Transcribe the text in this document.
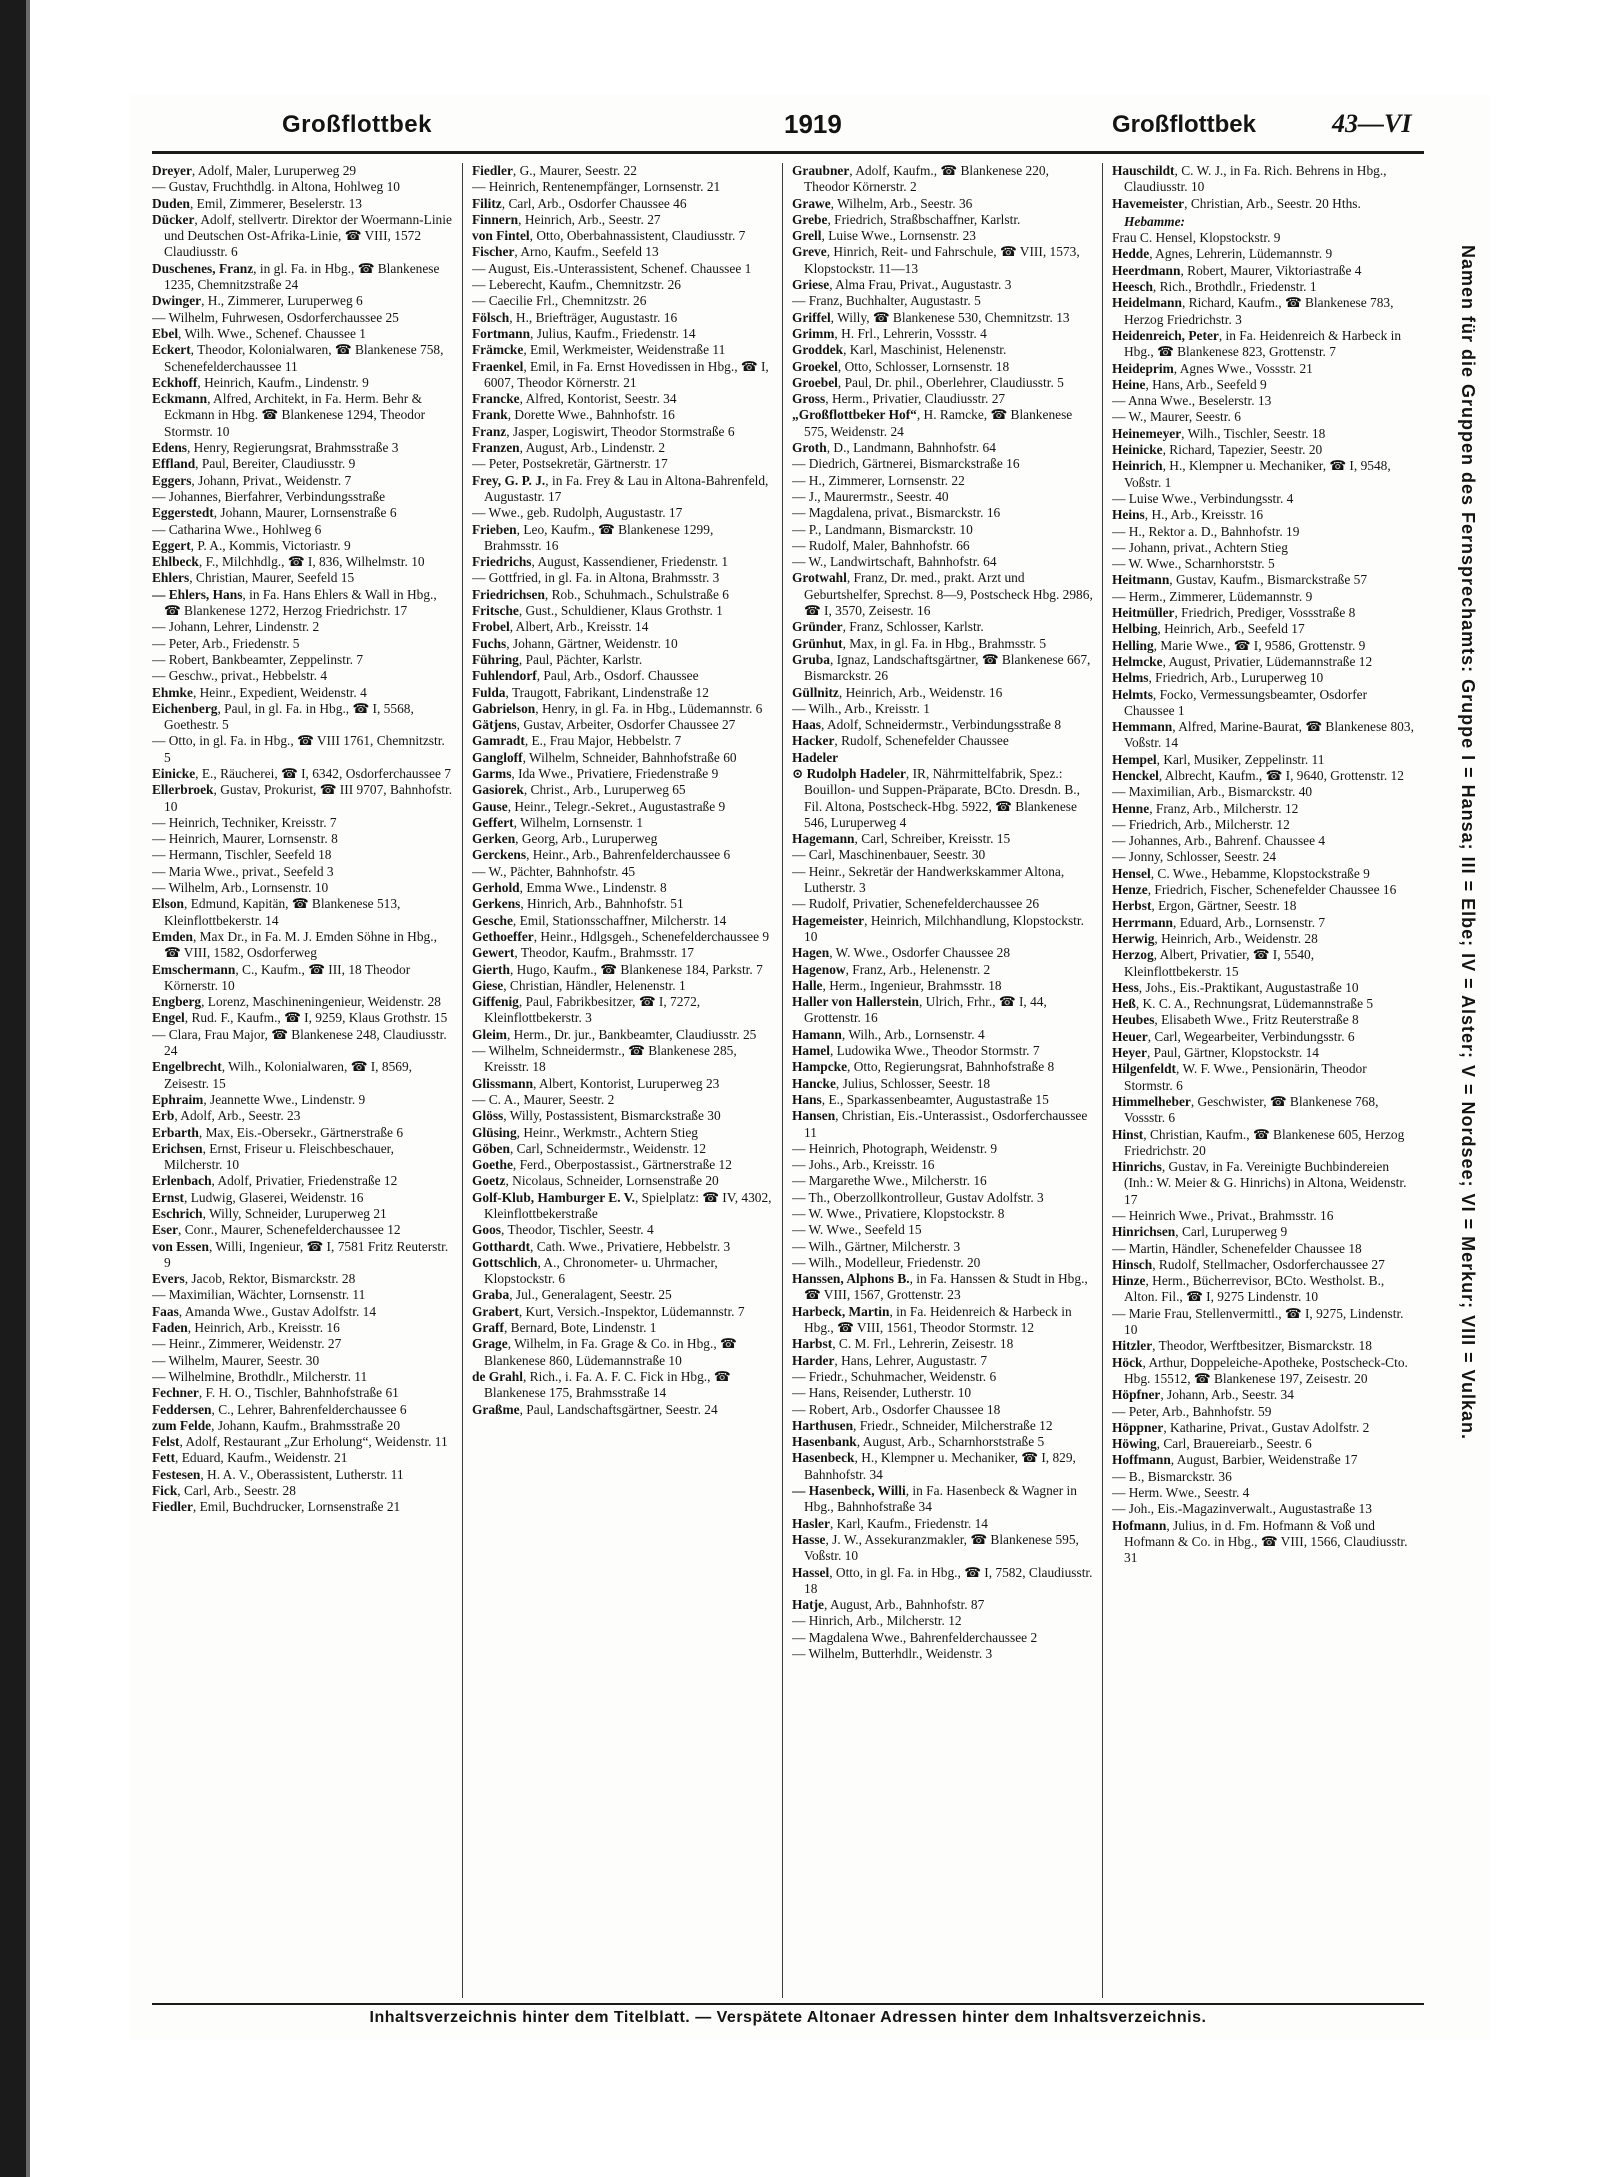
Großflottbek	1919	Großflottbek	43—VI

Dreyer, Adolf, Maler, Luruperweg 29

— Gustav, Fruchthdlg. in Altona, Hohlweg 10

Duden, Emil, Zimmerer, Beselerstr. 13

Dücker, Adolf, stellvertr. Direktor der Woermann-Linie und Deutschen Ost-Afrika-Linie, ☎ VIII, 1572 Claudiusstr. 6

Duschenes, Franz, in gl. Fa. in Hbg., ☎ Blankenese 1235, Chemnitzstraße 24

Dwinger, H., Zimmerer, Luruperweg 6

— Wilhelm, Fuhrwesen, Osdorferchaussee 25

Ebel, Wilh. Wwe., Schenef. Chaussee 1

Eckert, Theodor, Kolonialwaren, ☎ Blankenese 758, Schenefelderchaussee 11

Eckhoff, Heinrich, Kaufm., Lindenstr. 9

Eckmann, Alfred, Architekt, in Fa. Herm. Behr & Eckmann in Hbg. ☎ Blankenese 1294, Theodor Stormstr. 10

Edens, Henry, Regierungsrat, Brahmsstraße 3

Effland, Paul, Bereiter, Claudiusstr. 9

Eggers, Johann, Privat., Weidenstr. 7

— Johannes, Bierfahrer, Verbindungsstraße

Eggerstedt, Johann, Maurer, Lornsenstraße 6

— Catharina Wwe., Hohlweg 6

Eggert, P. A., Kommis, Victoriastr. 9

Ehlbeck, F., Milchhdlg., ☎ I, 836, Wilhelmstr. 10

Ehlers, Christian, Maurer, Seefeld 15

— Ehlers, Hans, in Fa. Hans Ehlers & Wall in Hbg., ☎ Blankenese 1272, Herzog Friedrichstr. 17

— Johann, Lehrer, Lindenstr. 2

— Peter, Arb., Friedenstr. 5

— Robert, Bankbeamter, Zeppelinstr. 7

— Geschw., privat., Hebbelstr. 4

Ehmke, Heinr., Expedient, Weidenstr. 4

Eichenberg, Paul, in gl. Fa. in Hbg., ☎ I, 5568, Goethestr. 5

— Otto, in gl. Fa. in Hbg., ☎ VIII 1761, Chemnitzstr. 5

Einicke, E., Räucherei, ☎ I, 6342, Osdorferchaussee 7

Ellerbroek, Gustav, Prokurist, ☎ III 9707, Bahnhofstr. 10

— Heinrich, Techniker, Kreisstr. 7

— Heinrich, Maurer, Lornsenstr. 8

— Hermann, Tischler, Seefeld 18

— Maria Wwe., privat., Seefeld 3

— Wilhelm, Arb., Lornsenstr. 10

Elson, Edmund, Kapitän, ☎ Blankenese 513, Kleinflottbekerstr. 14

Emden, Max Dr., in Fa. M. J. Emden Söhne in Hbg., ☎ VIII, 1582, Osdorferweg

Emschermann, C., Kaufm., ☎ III, 18 Theodor Körnerstr. 10

Engberg, Lorenz, Maschineningenieur, Weidenstr. 28

Engel, Rud. F., Kaufm., ☎ I, 9259, Klaus Grothstr. 15

— Clara, Frau Major, ☎ Blankenese 248, Claudiusstr. 24

Engelbrecht, Wilh., Kolonialwaren, ☎ I, 8569, Zeisestr. 15

Ephraim, Jeannette Wwe., Lindenstr. 9

Erb, Adolf, Arb., Seestr. 23

Erbarth, Max, Eis.-Obersekr., Gärtnerstraße 6

Erichsen, Ernst, Friseur u. Fleischbeschauer, Milcherstr. 10

Erlenbach, Adolf, Privatier, Friedenstraße 12

Ernst, Ludwig, Glaserei, Weidenstr. 16

Eschrich, Willy, Schneider, Luruperweg 21

Eser, Conr., Maurer, Schenefelderchaussee 12

von Essen, Willi, Ingenieur, ☎ I, 7581 Fritz Reuterstr. 9

Evers, Jacob, Rektor, Bismarckstr. 28

— Maximilian, Wächter, Lornsenstr. 11

Faas, Amanda Wwe., Gustav Adolfstr. 14

Faden, Heinrich, Arb., Kreisstr. 16

— Heinr., Zimmerer, Weidenstr. 27

— Wilhelm, Maurer, Seestr. 30

— Wilhelmine, Brothdlr., Milcherstr. 11

Fechner, F. H. O., Tischler, Bahnhofstraße 61

Feddersen, C., Lehrer, Bahrenfelderchaussee 6

zum Felde, Johann, Kaufm., Brahmsstraße 20

Felst, Adolf, Restaurant „Zur Erholung“, Weidenstr. 11

Fett, Eduard, Kaufm., Weidenstr. 21

Festesen, H. A. V., Oberassistent, Lutherstr. 11

Fick, Carl, Arb., Seestr. 28

Fiedler, Emil, Buchdrucker, Lornsenstraße 21

Fiedler, G., Maurer, Seestr. 22

— Heinrich, Rentenempfänger, Lornsenstr. 21

Filitz, Carl, Arb., Osdorfer Chaussee 46

Finnern, Heinrich, Arb., Seestr. 27

von Fintel, Otto, Oberbahnassistent, Claudiusstr. 7

Fischer, Arno, Kaufm., Seefeld 13

— August, Eis.-Unterassistent, Schenef. Chaussee 1

— Leberecht, Kaufm., Chemnitzstr. 26

— Caecilie Frl., Chemnitzstr. 26

Fölsch, H., Briefträger, Augustastr. 16

Fortmann, Julius, Kaufm., Friedenstr. 14

Främcke, Emil, Werkmeister, Weidenstraße 11

Fraenkel, Emil, in Fa. Ernst Hovedissen in Hbg., ☎ I, 6007, Theodor Körnerstr. 21

Francke, Alfred, Kontorist, Seestr. 34

Frank, Dorette Wwe., Bahnhofstr. 16

Franz, Jasper, Logiswirt, Theodor Stormstraße 6

Franzen, August, Arb., Lindenstr. 2

— Peter, Postsekretär, Gärtnerstr. 17

Frey, G. P. J., in Fa. Frey & Lau in Altona-Bahrenfeld, Augustastr. 17

— Wwe., geb. Rudolph, Augustastr. 17

Frieben, Leo, Kaufm., ☎ Blankenese 1299, Brahmsstr. 16

Friedrichs, August, Kassendiener, Friedenstr. 1

— Gottfried, in gl. Fa. in Altona, Brahmsstr. 3

Friedrichsen, Rob., Schuhmach., Schulstraße 6

Fritsche, Gust., Schuldiener, Klaus Grothstr. 1

Frobel, Albert, Arb., Kreisstr. 14

Fuchs, Johann, Gärtner, Weidenstr. 10

Führing, Paul, Pächter, Karlstr.

Fuhlendorf, Paul, Arb., Osdorf. Chaussee

Fulda, Traugott, Fabrikant, Lindenstraße 12

Gabrielson, Henry, in gl. Fa. in Hbg., Lüdemannstr. 6

Gätjens, Gustav, Arbeiter, Osdorfer Chaussee 27

Gamradt, E., Frau Major, Hebbelstr. 7

Gangloff, Wilhelm, Schneider, Bahnhofstraße 60

Garms, Ida Wwe., Privatiere, Friedenstraße 9

Gasiorek, Christ., Arb., Luruperweg 65

Gause, Heinr., Telegr.-Sekret., Augustastraße 9

Geffert, Wilhelm, Lornsenstr. 1

Gerken, Georg, Arb., Luruperweg

Gerckens, Heinr., Arb., Bahrenfelderchaussee 6

— W., Pächter, Bahnhofstr. 45

Gerhold, Emma Wwe., Lindenstr. 8

Gerkens, Hinrich, Arb., Bahnhofstr. 51

Gesche, Emil, Stationsschaffner, Milcherstr. 14

Gethoeffer, Heinr., Hdlgsgeh., Schenefelderchaussee 9

Gewert, Theodor, Kaufm., Brahmsstr. 17

Gierth, Hugo, Kaufm., ☎ Blankenese 184, Parkstr. 7

Giese, Christian, Händler, Helenenstr. 1

Giffenig, Paul, Fabrikbesitzer, ☎ I, 7272, Kleinflottbekerstr. 3

Gleim, Herm., Dr. jur., Bankbeamter, Claudiusstr. 25

— Wilhelm, Schneidermstr., ☎ Blankenese 285, Kreisstr. 18

Glissmann, Albert, Kontorist, Luruperweg 23

— C. A., Maurer, Seestr. 2

Glöss, Willy, Postassistent, Bismarckstraße 30

Glüsing, Heinr., Werkmstr., Achtern Stieg

Göben, Carl, Schneidermstr., Weidenstr. 12

Goethe, Ferd., Oberpostassist., Gärtnerstraße 12

Goetz, Nicolaus, Schneider, Lornsenstraße 20

Golf-Klub, Hamburger E. V., Spielplatz: ☎ IV, 4302, Kleinflottbekerstraße

Goos, Theodor, Tischler, Seestr. 4

Gotthardt, Cath. Wwe., Privatiere, Hebbelstr. 3

Gottschlich, A., Chronometer- u. Uhrmacher, Klopstockstr. 6

Graba, Jul., Generalagent, Seestr. 25

Grabert, Kurt, Versich.-Inspektor, Lüdemannstr. 7

Graff, Bernard, Bote, Lindenstr. 1

Grage, Wilhelm, in Fa. Grage & Co. in Hbg., ☎ Blankenese 860, Lüdemannstraße 10

de Grahl, Rich., i. Fa. A. F. C. Fick in Hbg., ☎ Blankenese 175, Brahmsstraße 14

Graßme, Paul, Landschaftsgärtner, Seestr. 24

Graubner, Adolf, Kaufm., ☎ Blankenese 220, Theodor Körnerstr. 2

Grawe, Wilhelm, Arb., Seestr. 36

Grebe, Friedrich, Straßbschaffner, Karlstr.

Grell, Luise Wwe., Lornsenstr. 23

Greve, Hinrich, Reit- und Fahrschule, ☎ VIII, 1573, Klopstockstr. 11—13

Griese, Alma Frau, Privat., Augustastr. 3

— Franz, Buchhalter, Augustastr. 5

Griffel, Willy, ☎ Blankenese 530, Chemnitzstr. 13

Grimm, H. Frl., Lehrerin, Vossstr. 4

Groddek, Karl, Maschinist, Helenenstr.

Groekel, Otto, Schlosser, Lornsenstr. 18

Groebel, Paul, Dr. phil., Oberlehrer, Claudiusstr. 5

Gross, Herm., Privatier, Claudiusstr. 27

„Großflottbeker Hof“, H. Ramcke, ☎ Blankenese 575, Weidenstr. 24

Groth, D., Landmann, Bahnhofstr. 64

— Diedrich, Gärtnerei, Bismarckstraße 16

— H., Zimmerer, Lornsenstr. 22

— J., Maurermstr., Seestr. 40

— Magdalena, privat., Bismarckstr. 16

— P., Landmann, Bismarckstr. 10

— Rudolf, Maler, Bahnhofstr. 66

— W., Landwirtschaft, Bahnhofstr. 64

Grotwahl, Franz, Dr. med., prakt. Arzt und Geburtshelfer, Sprechst. 8—9, Postscheck Hbg. 2986, ☎ I, 3570, Zeisestr. 16

Gründer, Franz, Schlosser, Karlstr.

Grünhut, Max, in gl. Fa. in Hbg., Brahmsstr. 5

Gruba, Ignaz, Landschaftsgärtner, ☎ Blankenese 667, Bismarckstr. 26

Güllnitz, Heinrich, Arb., Weidenstr. 16

— Wilh., Arb., Kreisstr. 1

Haas, Adolf, Schneidermstr., Verbindungsstraße 8

Hacker, Rudolf, Schenefelder Chaussee

Hadeler

⊙ Rudolph Hadeler, IR, Nährmittelfabrik, Spez.: Bouillon- und Suppen-Präparate, BCto. Dresdn. B., Fil. Altona, Postscheck-Hbg. 5922, ☎ Blankenese 546, Luruperweg 4

Hagemann, Carl, Schreiber, Kreisstr. 15

— Carl, Maschinenbauer, Seestr. 30

— Heinr., Sekretär der Handwerkskammer Altona, Lutherstr. 3

— Rudolf, Privatier, Schenefelderchaussee 26

Hagemeister, Heinrich, Milchhandlung, Klopstockstr. 10

Hagen, W. Wwe., Osdorfer Chaussee 28

Hagenow, Franz, Arb., Helenenstr. 2

Halle, Herm., Ingenieur, Brahmsstr. 18

Haller von Hallerstein, Ulrich, Frhr., ☎ I, 44, Grottenstr. 16

Hamann, Wilh., Arb., Lornsenstr. 4

Hamel, Ludowika Wwe., Theodor Stormstr. 7

Hampcke, Otto, Regierungsrat, Bahnhofstraße 8

Hancke, Julius, Schlosser, Seestr. 18

Hans, E., Sparkassenbeamter, Augustastraße 15

Hansen, Christian, Eis.-Unterassist., Osdorferchaussee 11

— Heinrich, Photograph, Weidenstr. 9

— Johs., Arb., Kreisstr. 16

— Margarethe Wwe., Milcherstr. 16

— Th., Oberzollkontrolleur, Gustav Adolfstr. 3

— W. Wwe., Privatiere, Klopstockstr. 8

— W. Wwe., Seefeld 15

— Wilh., Gärtner, Milcherstr. 3

— Wilh., Modelleur, Friedenstr. 20

Hanssen, Alphons B., in Fa. Hanssen & Studt in Hbg., ☎ VIII, 1567, Grottenstr. 23

Harbeck, Martin, in Fa. Heidenreich & Harbeck in Hbg., ☎ VIII, 1561, Theodor Stormstr. 12

Harbst, C. M. Frl., Lehrerin, Zeisestr. 18

Harder, Hans, Lehrer, Augustastr. 7

— Friedr., Schuhmacher, Weidenstr. 6

— Hans, Reisender, Lutherstr. 10

— Robert, Arb., Osdorfer Chaussee 18

Harthusen, Friedr., Schneider, Milcherstraße 12

Hasenbank, August, Arb., Scharnhorststraße 5

Hasenbeck, H., Klempner u. Mechaniker, ☎ I, 829, Bahnhofstr. 34

— Hasenbeck, Willi, in Fa. Hasenbeck & Wagner in Hbg., Bahnhofstraße 34

Hasler, Karl, Kaufm., Friedenstr. 14

Hasse, J. W., Assekuranzmakler, ☎ Blankenese 595, Voßstr. 10

Hassel, Otto, in gl. Fa. in Hbg., ☎ I, 7582, Claudiusstr. 18

Hatje, August, Arb., Bahnhofstr. 87

— Hinrich, Arb., Milcherstr. 12

— Magdalena Wwe., Bahrenfelderchaussee 2

— Wilhelm, Butterhdlr., Weidenstr. 3

Hauschildt, C. W. J., in Fa. Rich. Behrens in Hbg., Claudiusstr. 10

Havemeister, Christian, Arb., Seestr. 20 Hths.

Hebamme:

Frau C. Hensel, Klopstockstr. 9

Hedde, Agnes, Lehrerin, Lüdemannstr. 9

Heerdmann, Robert, Maurer, Viktoriastraße 4

Heesch, Rich., Brothdlr., Friedenstr. 1

Heidelmann, Richard, Kaufm., ☎ Blankenese 783, Herzog Friedrichstr. 3

Heidenreich, Peter, in Fa. Heidenreich & Harbeck in Hbg., ☎ Blankenese 823, Grottenstr. 7

Heideprim, Agnes Wwe., Vossstr. 21

Heine, Hans, Arb., Seefeld 9

— Anna Wwe., Beselerstr. 13

— W., Maurer, Seestr. 6

Heinemeyer, Wilh., Tischler, Seestr. 18

Heinicke, Richard, Tapezier, Seestr. 20

Heinrich, H., Klempner u. Mechaniker, ☎ I, 9548, Voßstr. 1

— Luise Wwe., Verbindungsstr. 4

Heins, H., Arb., Kreisstr. 16

— H., Rektor a. D., Bahnhofstr. 19

— Johann, privat., Achtern Stieg

— W. Wwe., Scharnhorststr. 5

Heitmann, Gustav, Kaufm., Bismarckstraße 57

— Herm., Zimmerer, Lüdemannstr. 9

Heitmüller, Friedrich, Prediger, Vossstraße 8

Helbing, Heinrich, Arb., Seefeld 17

Helling, Marie Wwe., ☎ I, 9586, Grottenstr. 9

Helmcke, August, Privatier, Lüdemannstraße 12

Helms, Friedrich, Arb., Luruperweg 10

Helmts, Focko, Vermessungsbeamter, Osdorfer Chaussee 1

Hemmann, Alfred, Marine-Baurat, ☎ Blankenese 803, Voßstr. 14

Hempel, Karl, Musiker, Zeppelinstr. 11

Henckel, Albrecht, Kaufm., ☎ I, 9640, Grottenstr. 12

— Maximilian, Arb., Bismarckstr. 40

Henne, Franz, Arb., Milcherstr. 12

— Friedrich, Arb., Milcherstr. 12

— Johannes, Arb., Bahrenf. Chaussee 4

— Jonny, Schlosser, Seestr. 24

Hensel, C. Wwe., Hebamme, Klopstockstraße 9

Henze, Friedrich, Fischer, Schenefelder Chaussee 16

Herbst, Ergon, Gärtner, Seestr. 18

Herrmann, Eduard, Arb., Lornsenstr. 7

Herwig, Heinrich, Arb., Weidenstr. 28

Herzog, Albert, Privatier, ☎ I, 5540, Kleinflottbekerstr. 15

Hess, Johs., Eis.-Praktikant, Augustastraße 10

Heß, K. C. A., Rechnungsrat, Lüdemannstraße 5

Heubes, Elisabeth Wwe., Fritz Reuterstraße 8

Heuer, Carl, Wegearbeiter, Verbindungsstr. 6

Heyer, Paul, Gärtner, Klopstockstr. 14

Hilgenfeldt, W. F. Wwe., Pensionärin, Theodor Stormstr. 6

Himmelheber, Geschwister, ☎ Blankenese 768, Vossstr. 6

Hinst, Christian, Kaufm., ☎ Blankenese 605, Herzog Friedrichstr. 20

Hinrichs, Gustav, in Fa. Vereinigte Buchbindereien (Inh.: W. Meier & G. Hinrichs) in Altona, Weidenstr. 17

— Heinrich Wwe., Privat., Brahmsstr. 16

Hinrichsen, Carl, Luruperweg 9

— Martin, Händler, Schenefelder Chaussee 18

Hinsch, Rudolf, Stellmacher, Osdorferchaussee 27

Hinze, Herm., Bücherrevisor, BCto. Westholst. B., Alton. Fil., ☎ I, 9275 Lindenstr. 10

— Marie Frau, Stellenvermittl., ☎ I, 9275, Lindenstr. 10

Hitzler, Theodor, Werftbesitzer, Bismarckstr. 18

Höck, Arthur, Doppeleiche-Apotheke, Postscheck-Cto. Hbg. 15512, ☎ Blankenese 197, Zeisestr. 20

Höpfner, Johann, Arb., Seestr. 34

— Peter, Arb., Bahnhofstr. 59

Höppner, Katharine, Privat., Gustav Adolfstr. 2

Höwing, Carl, Brauereiarb., Seestr. 6

Hoffmann, August, Barbier, Weidenstraße 17

— B., Bismarckstr. 36

— Herm. Wwe., Seestr. 4

— Joh., Eis.-Magazinverwalt., Augustastraße 13

Hofmann, Julius, in d. Fm. Hofmann & Voß und Hofmann & Co. in Hbg., ☎ VIII, 1566, Claudiusstr. 31

Namen für die Gruppen des Fernsprechamts: Gruppe I = Hansa; III = Elbe; IV = Alster; V = Nordsee; VI = Merkur; VIII = Vulkan.
Inhaltsverzeichnis hinter dem Titelblatt. — Verspätete Altonaer Adressen hinter dem Inhaltsverzeichnis.
